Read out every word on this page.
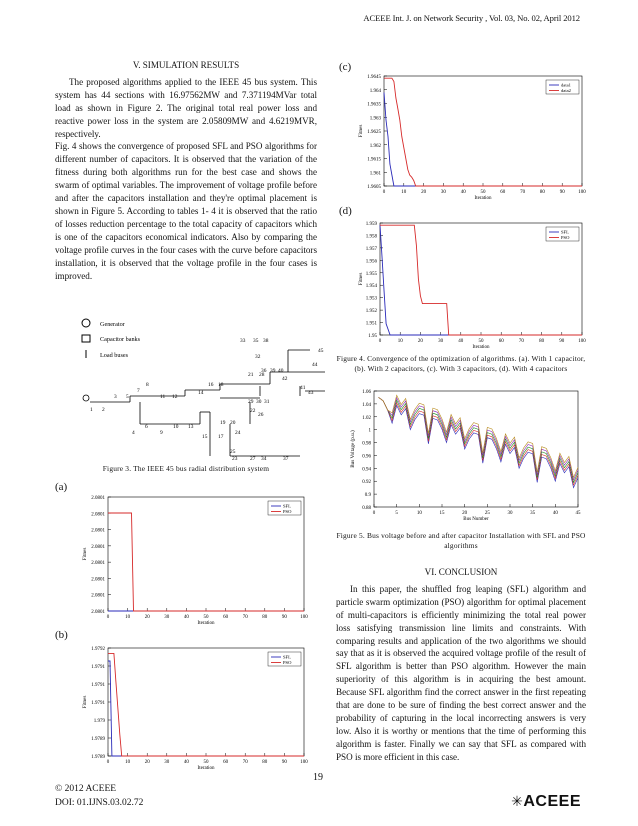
ACEEE Int. J. on Network Security , Vol. 03, No. 02, April 2012
V. SIMULATION RESULTS

The proposed algorithms applied to the IEEE 45 bus system. This system has 44 sections with 16.97562MW and 7.371194MVar total load as shown in Figure 2. The original total real power loss and reactive power loss in the system are 2.05809MW and 4.6219MVR, respectively.

Fig. 4 shows the convergence of proposed SFL and PSO algorithms for different number of capacitors. It is observed that the variation of the fitness during both algorithms run for the best case and shows the swarm of optimal variables. The improvement of voltage profile before and after the capacitors installation and they're optimal placement is shown in Figure 5. According to tables 1- 4 it is observed that the ratio of losses reduction percentage to the total capacity of capacitors which is one of the capacitors economical indicators. Also by comparing the voltage profile curves in the four cases with the curve before capacitors installation, it is observed that the voltage profile in the four cases is improved.

Generator
Capacitor banks
Load buses
1 2
3
4
5
6
7
8
9
10
11 12
13
14
15
16
17
18
19 20
21
22
23
24
25
26
27
28
29 30 31
32
33
34
35
36
37
38
39 40
41
42
43
44
45
Figure 3. The IEEE 45 bus radial distribution system
(a)
(b)
(c)
(d)
2.0801
2.0801
2.0801
2.0801
2.0801
2.0801
2.0801
2.0801
0	10	20	30	40	50	60	70	80	90	100
Iteration
Fitnes
SFL
PSO
1.9792
1.9791
1.9791
1.9791
1.979
1.9789
1.9789
0	10	20	30	40	50	60	70	80	90	100
Iteration
Fitnes
SFL
PSO
1.9645
1.964
1.9635
1.963
1.9625
1.962
1.9615
1.961
1.9605
0	10	20	30	40	50	60	70	80	90	100
Iteration
Fitnes
data1
data2
1.959
1.958
1.957
1.956
1.955
1.954
1.953
1.952
1.951
1.95
0	10	20	30	40	50	60	70	80	90	100
Iteration
Fitnes
SFL
PSO
Figure 4. Convergence of the optimization of algorithms. (a). With 1 capacitor, (b). With 2 capacitors, (c). With 3 capacitors, (d). With 4 capacitors
1.06
1.04
1.02
1
0.98
0.96
0.94
0.92
0.9
0.88
0	5	10	15	20	25	30	35	40	45
Bus Number
Bus Voltage (p.u.)
Figure 5. Bus voltage before and after capacitor Installation with SFL and PSO algorithms
VI. CONCLUSION

In this paper, the shuffled frog leaping (SFL) algorithm and particle swarm optimization (PSO) algorithm for optimal placement of multi-capacitors is efficiently minimizing the total real power loss satisfying transmission line limits and constraints. With comparing results and application of the two algorithms we should say that as it is observed the acquired voltage profile of the result of SFL algorithm is better than PSO algorithm. However the main superiority of this algorithm is in acquiring the best amount. Because SFL algorithm find the correct answer in the first repeating that are done to be sure of finding the best correct answer and the probability of capturing in the local incorrecting answers is very low. Also it is worthy or mentions that the time of performing this algorithm is faster. Finally we can say that SFL as compared with PSO is more efficient in this case.

© 2012 ACEEE
DOI: 01.IJNS.03.02.72
19
✳ACEEE
